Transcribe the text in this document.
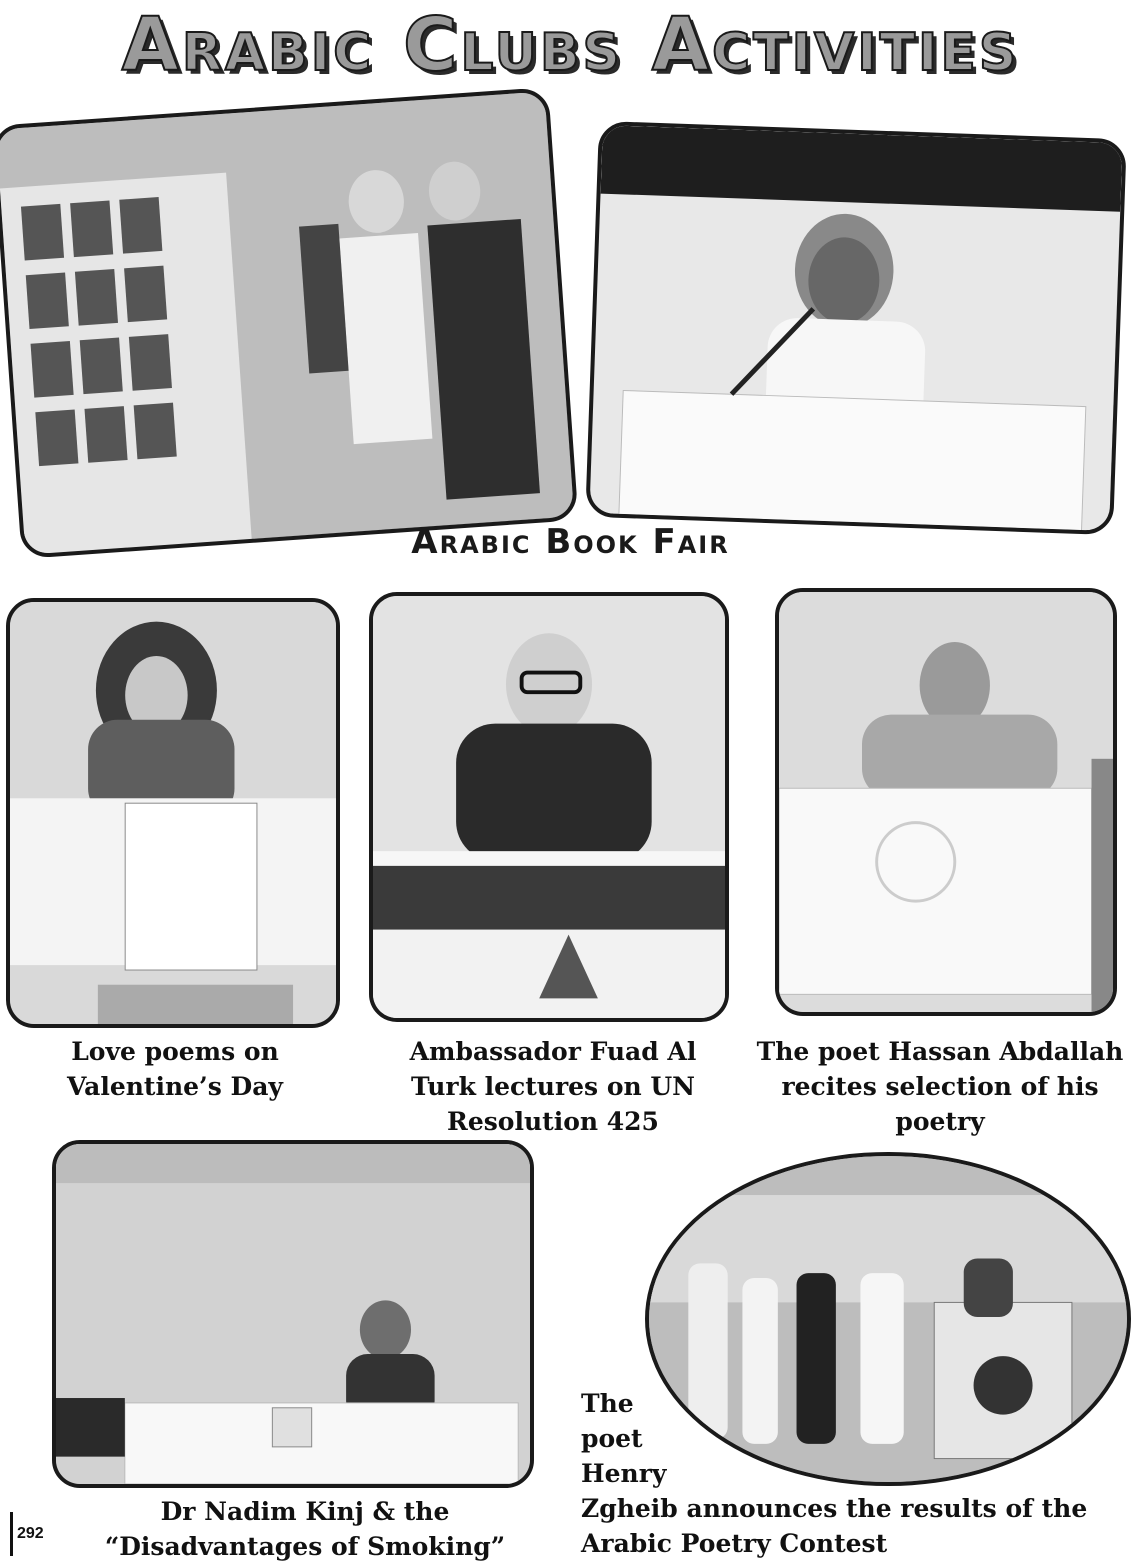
Arabic Clubs Activities
Arabic Book Fair
Love poems on
Valentine’s Day
Ambassador Fuad Al
Turk lectures on UN
Resolution 425
The poet Hassan Abdallah
recites selection of his
poetry
Dr Nadim Kinj & the
“Disadvantages of Smoking”
The
poet
Henry
Zgheib announces the results of the
Arabic Poetry Contest
292
